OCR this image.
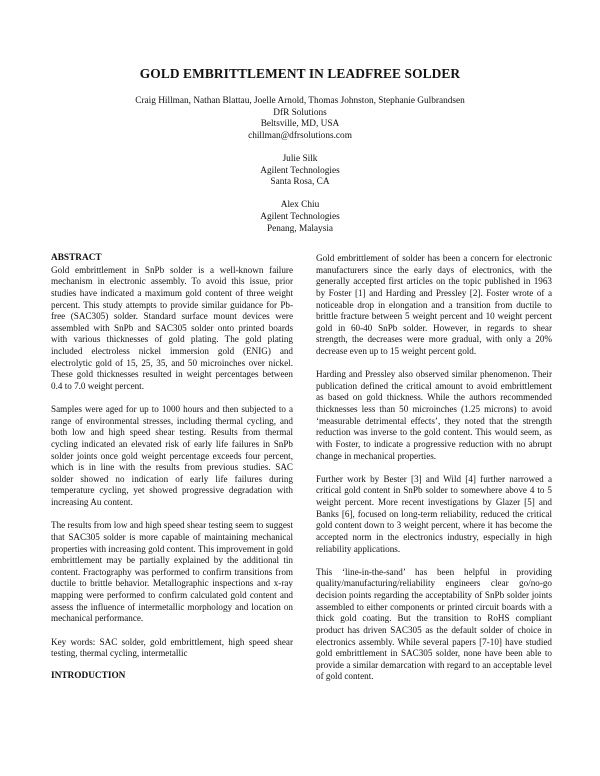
GOLD EMBRITTLEMENT IN LEADFREE SOLDER
Craig Hillman, Nathan Blattau, Joelle Arnold, Thomas Johnston, Stephanie Gulbrandsen
DfR Solutions
Beltsville, MD, USA
chillman@dfrsolutions.com
Julie Silk
Agilent Technologies
Santa Rosa, CA
Alex Chiu
Agilent Technologies
Penang, Malaysia
ABSTRACT

Gold embrittlement in SnPb solder is a well-known failure mechanism in electronic assembly. To avoid this issue, prior studies have indicated a maximum gold content of three weight percent. This study attempts to provide similar guidance for Pb-free (SAC305) solder. Standard surface mount devices were assembled with SnPb and SAC305 solder onto printed boards with various thicknesses of gold plating. The gold plating included electroless nickel immersion gold (ENIG) and electrolytic gold of 15, 25, 35, and 50 microinches over nickel. These gold thicknesses resulted in weight percentages between 0.4 to 7.0 weight percent.

Samples were aged for up to 1000 hours and then subjected to a range of environmental stresses, including thermal cycling, and both low and high speed shear testing. Results from thermal cycling indicated an elevated risk of early life failures in SnPb solder joints once gold weight percentage exceeds four percent, which is in line with the results from previous studies. SAC solder showed no indication of early life failures during temperature cycling, yet showed progressive degradation with increasing Au content.

The results from low and high speed shear testing seem to suggest that SAC305 solder is more capable of maintaining mechanical properties with increasing gold content. This improvement in gold embrittlement may be partially explained by the additional tin content. Fractography was performed to confirm transitions from ductile to brittle behavior. Metallographic inspections and x-ray mapping were performed to confirm calculated gold content and assess the influence of intermetallic morphology and location on mechanical performance.

Key words: SAC solder, gold embrittlement, high speed shear testing, thermal cycling, intermetallic

INTRODUCTION

Gold embrittlement of solder has been a concern for electronic manufacturers since the early days of electronics, with the generally accepted first articles on the topic published in 1963 by Foster [1] and Harding and Pressley [2]. Foster wrote of a noticeable drop in elongation and a transition from ductile to brittle fracture between 5 weight percent and 10 weight percent gold in 60-40 SnPb solder. However, in regards to shear strength, the decreases were more gradual, with only a 20% decrease even up to 15 weight percent gold.

Harding and Pressley also observed similar phenomenon. Their publication defined the critical amount to avoid embrittlement as based on gold thickness. While the authors recommended thicknesses less than 50 microinches (1.25 microns) to avoid ‘measurable detrimental effects’, they noted that the strength reduction was inverse to the gold content. This would seem, as with Foster, to indicate a progressive reduction with no abrupt change in mechanical properties.

Further work by Bester [3] and Wild [4] further narrowed a critical gold content in SnPb solder to somewhere above 4 to 5 weight percent. More recent investigations by Glazer [5] and Banks [6], focused on long-term reliability, reduced the critical gold content down to 3 weight percent, where it has become the accepted norm in the electronics industry, especially in high reliability applications.

This ‘line-in-the-sand’ has been helpful in providing quality/manufacturing/reliability engineers clear go/no-go decision points regarding the acceptability of SnPb solder joints assembled to either components or printed circuit boards with a thick gold coating. But the transition to RoHS compliant product has driven SAC305 as the default solder of choice in electronics assembly. While several papers [7-10] have studied gold embrittlement in SAC305 solder, none have been able to provide a similar demarcation with regard to an acceptable level of gold content.
